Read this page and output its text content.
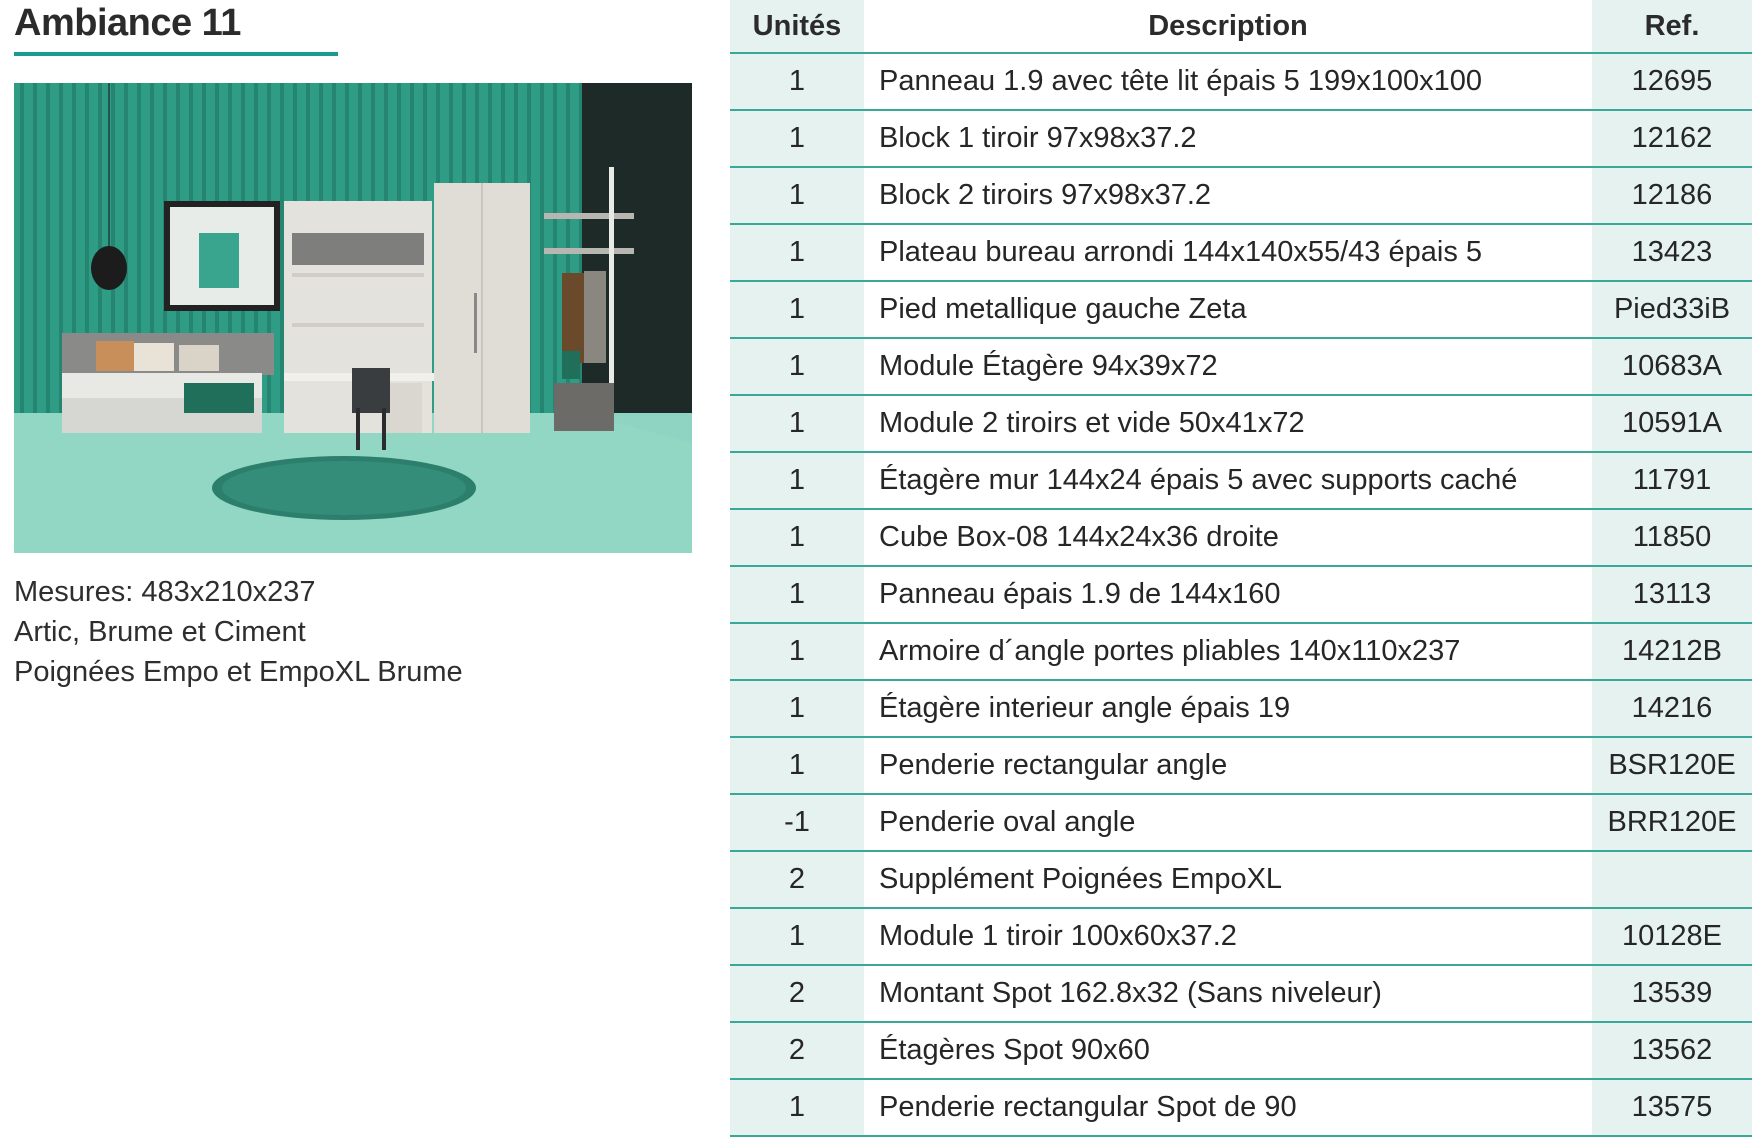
Ambiance 11
Mesures: 483x210x237
Artic, Brume et Ciment
Poignées Empo et EmpoXL Brume
Unités	Description	Ref.
1	Panneau 1.9 avec tête lit épais 5 199x100x100	12695
1	Block 1 tiroir 97x98x37.2	12162
1	Block 2 tiroirs 97x98x37.2	12186
1	Plateau bureau arrondi 144x140x55/43 épais 5	13423
1	Pied metallique gauche Zeta	Pied33iB
1	Module Étagère 94x39x72	10683A
1	Module 2 tiroirs et vide 50x41x72	10591A
1	Étagère mur 144x24 épais 5 avec supports caché	11791
1	Cube Box-08 144x24x36 droite	11850
1	Panneau épais 1.9 de 144x160	13113
1	Armoire d´angle portes pliables 140x110x237	14212B
1	Étagère interieur angle épais 19	14216
1	Penderie rectangular angle	BSR120E
-1	Penderie oval angle	BRR120E
2	Supplément Poignées EmpoXL
1	Module 1 tiroir 100x60x37.2	10128E
2	Montant Spot 162.8x32 (Sans niveleur)	13539
2	Étagères Spot 90x60	13562
1	Penderie rectangular Spot de 90	13575
